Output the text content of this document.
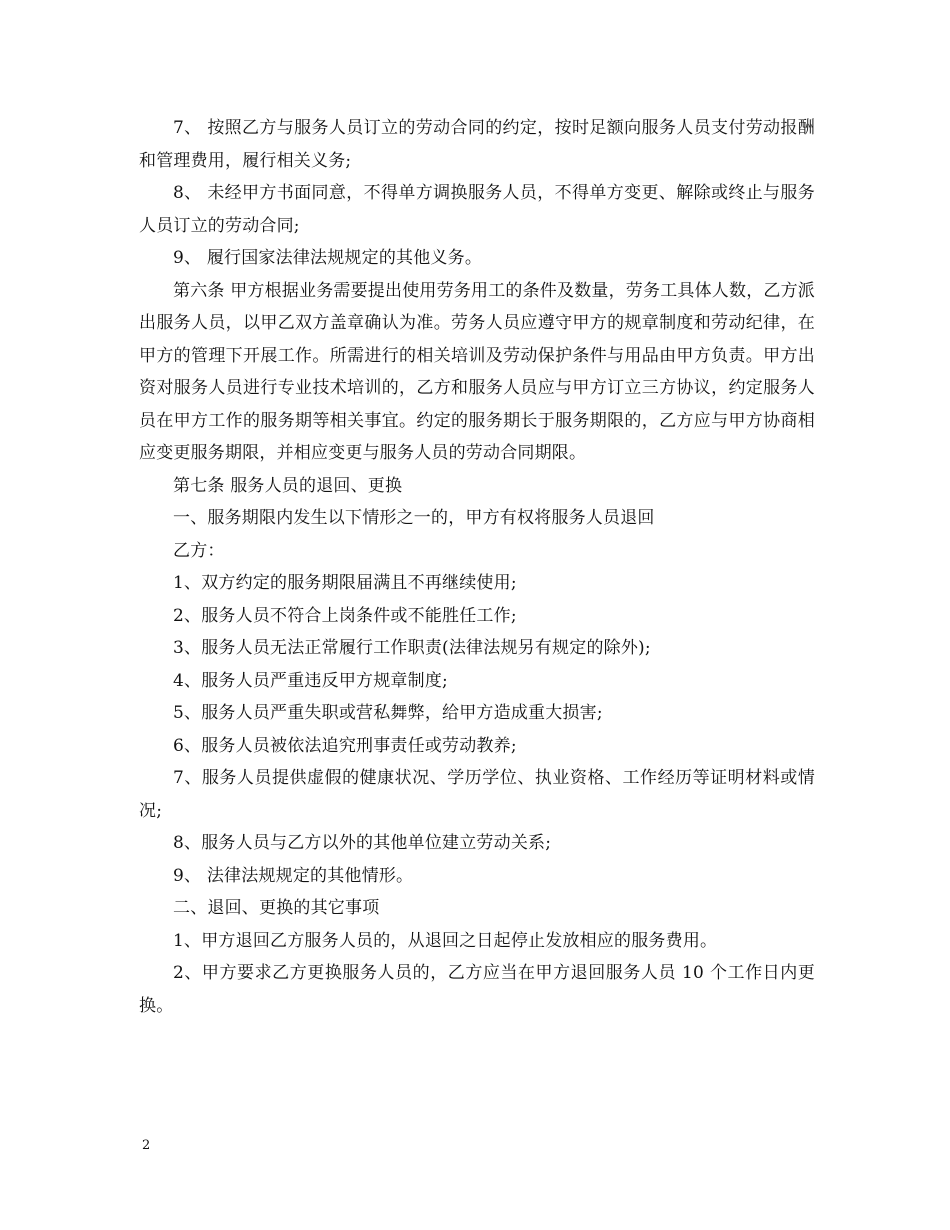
7、 按照乙方与服务人员订立的劳动合同的约定，按时足额向服务人员支付劳动报酬和管理费用，履行相关义务;

8、 未经甲方书面同意，不得单方调换服务人员，不得单方变更、解除或终止与服务人员订立的劳动合同;

9、 履行国家法律法规规定的其他义务。

第六条 甲方根据业务需要提出使用劳务用工的条件及数量，劳务工具体人数，乙方派出服务人员，以甲乙双方盖章确认为准。劳务人员应遵守甲方的规章制度和劳动纪律，在甲方的管理下开展工作。所需进行的相关培训及劳动保护条件与用品由甲方负责。甲方出资对服务人员进行专业技术培训的，乙方和服务人员应与甲方订立三方协议，约定服务人员在甲方工作的服务期等相关事宜。约定的服务期长于服务期限的，乙方应与甲方协商相应变更服务期限，并相应变更与服务人员的劳动合同期限。

第七条 服务人员的退回、更换

一、服务期限内发生以下情形之一的，甲方有权将服务人员退回

乙方：

1、双方约定的服务期限届满且不再继续使用;

2、服务人员不符合上岗条件或不能胜任工作;

3、服务人员无法正常履行工作职责(法律法规另有规定的除外);

4、服务人员严重违反甲方规章制度;

5、服务人员严重失职或营私舞弊，给甲方造成重大损害;

6、服务人员被依法追究刑事责任或劳动教养;

7、服务人员提供虚假的健康状况、学历学位、执业资格、工作经历等证明材料或情况;

8、服务人员与乙方以外的其他单位建立劳动关系;

9、 法律法规规定的其他情形。

二、退回、更换的其它事项

1、甲方退回乙方服务人员的，从退回之日起停止发放相应的服务费用。

2、甲方要求乙方更换服务人员的，乙方应当在甲方退回服务人员 10 个工作日内更换。

2
